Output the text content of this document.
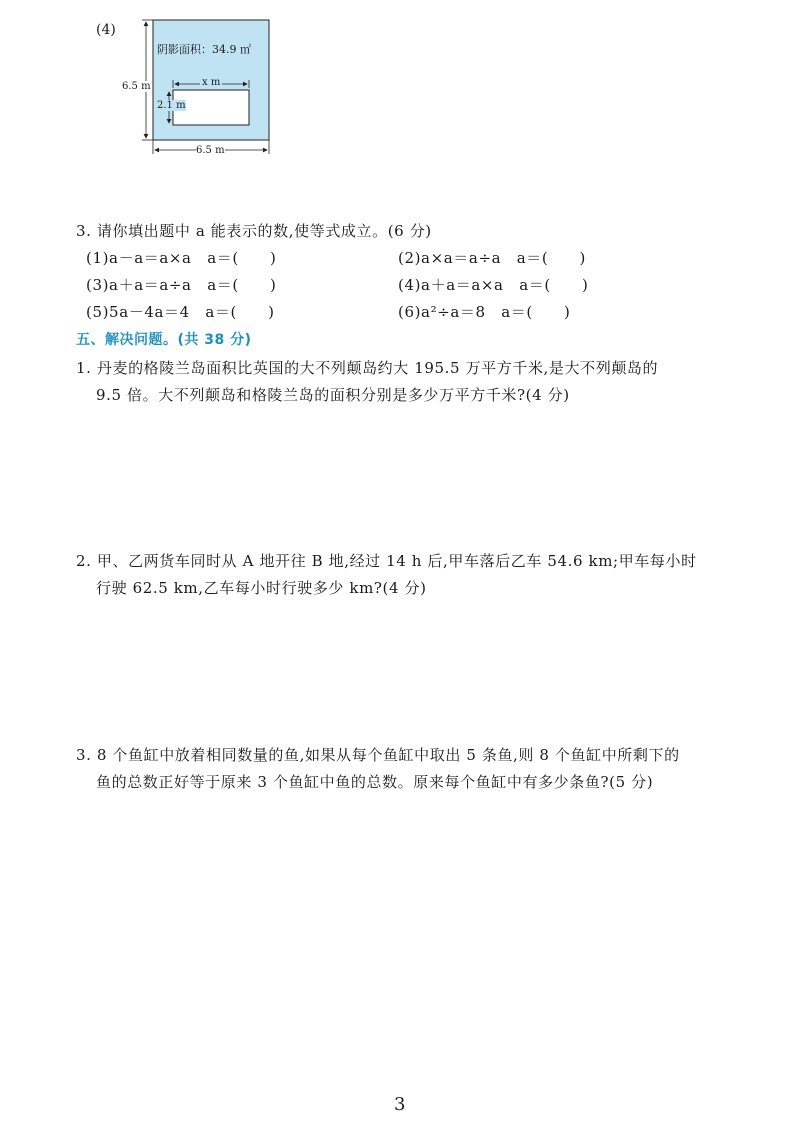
(4)
阴影面积：34.9 ㎡
x m
2.1 m
6.5 m
6.5 m
3. 请你填出题中 a 能表示的数,使等式成立。(6 分)
(1)a－a＝a×a　a＝(　　)	(2)a×a＝a÷a　a＝(　　)
(3)a＋a＝a÷a　a＝(　　)	(4)a＋a＝a×a　a＝(　　)
(5)5a－4a＝4　a＝(　　)	(6)a²÷a＝8　a＝(　　)
五、解决问题。(共 38 分)
1. 丹麦的格陵兰岛面积比英国的大不列颠岛约大 195.5 万平方千米,是大不列颠岛的
9.5 倍。大不列颠岛和格陵兰岛的面积分别是多少万平方千米?(4 分)
2. 甲、乙两货车同时从 A 地开往 B 地,经过 14 h 后,甲车落后乙车 54.6 km;甲车每小时
行驶 62.5 km,乙车每小时行驶多少 km?(4 分)
3. 8 个鱼缸中放着相同数量的鱼,如果从每个鱼缸中取出 5 条鱼,则 8 个鱼缸中所剩下的
鱼的总数正好等于原来 3 个鱼缸中鱼的总数。原来每个鱼缸中有多少条鱼?(5 分)
3
